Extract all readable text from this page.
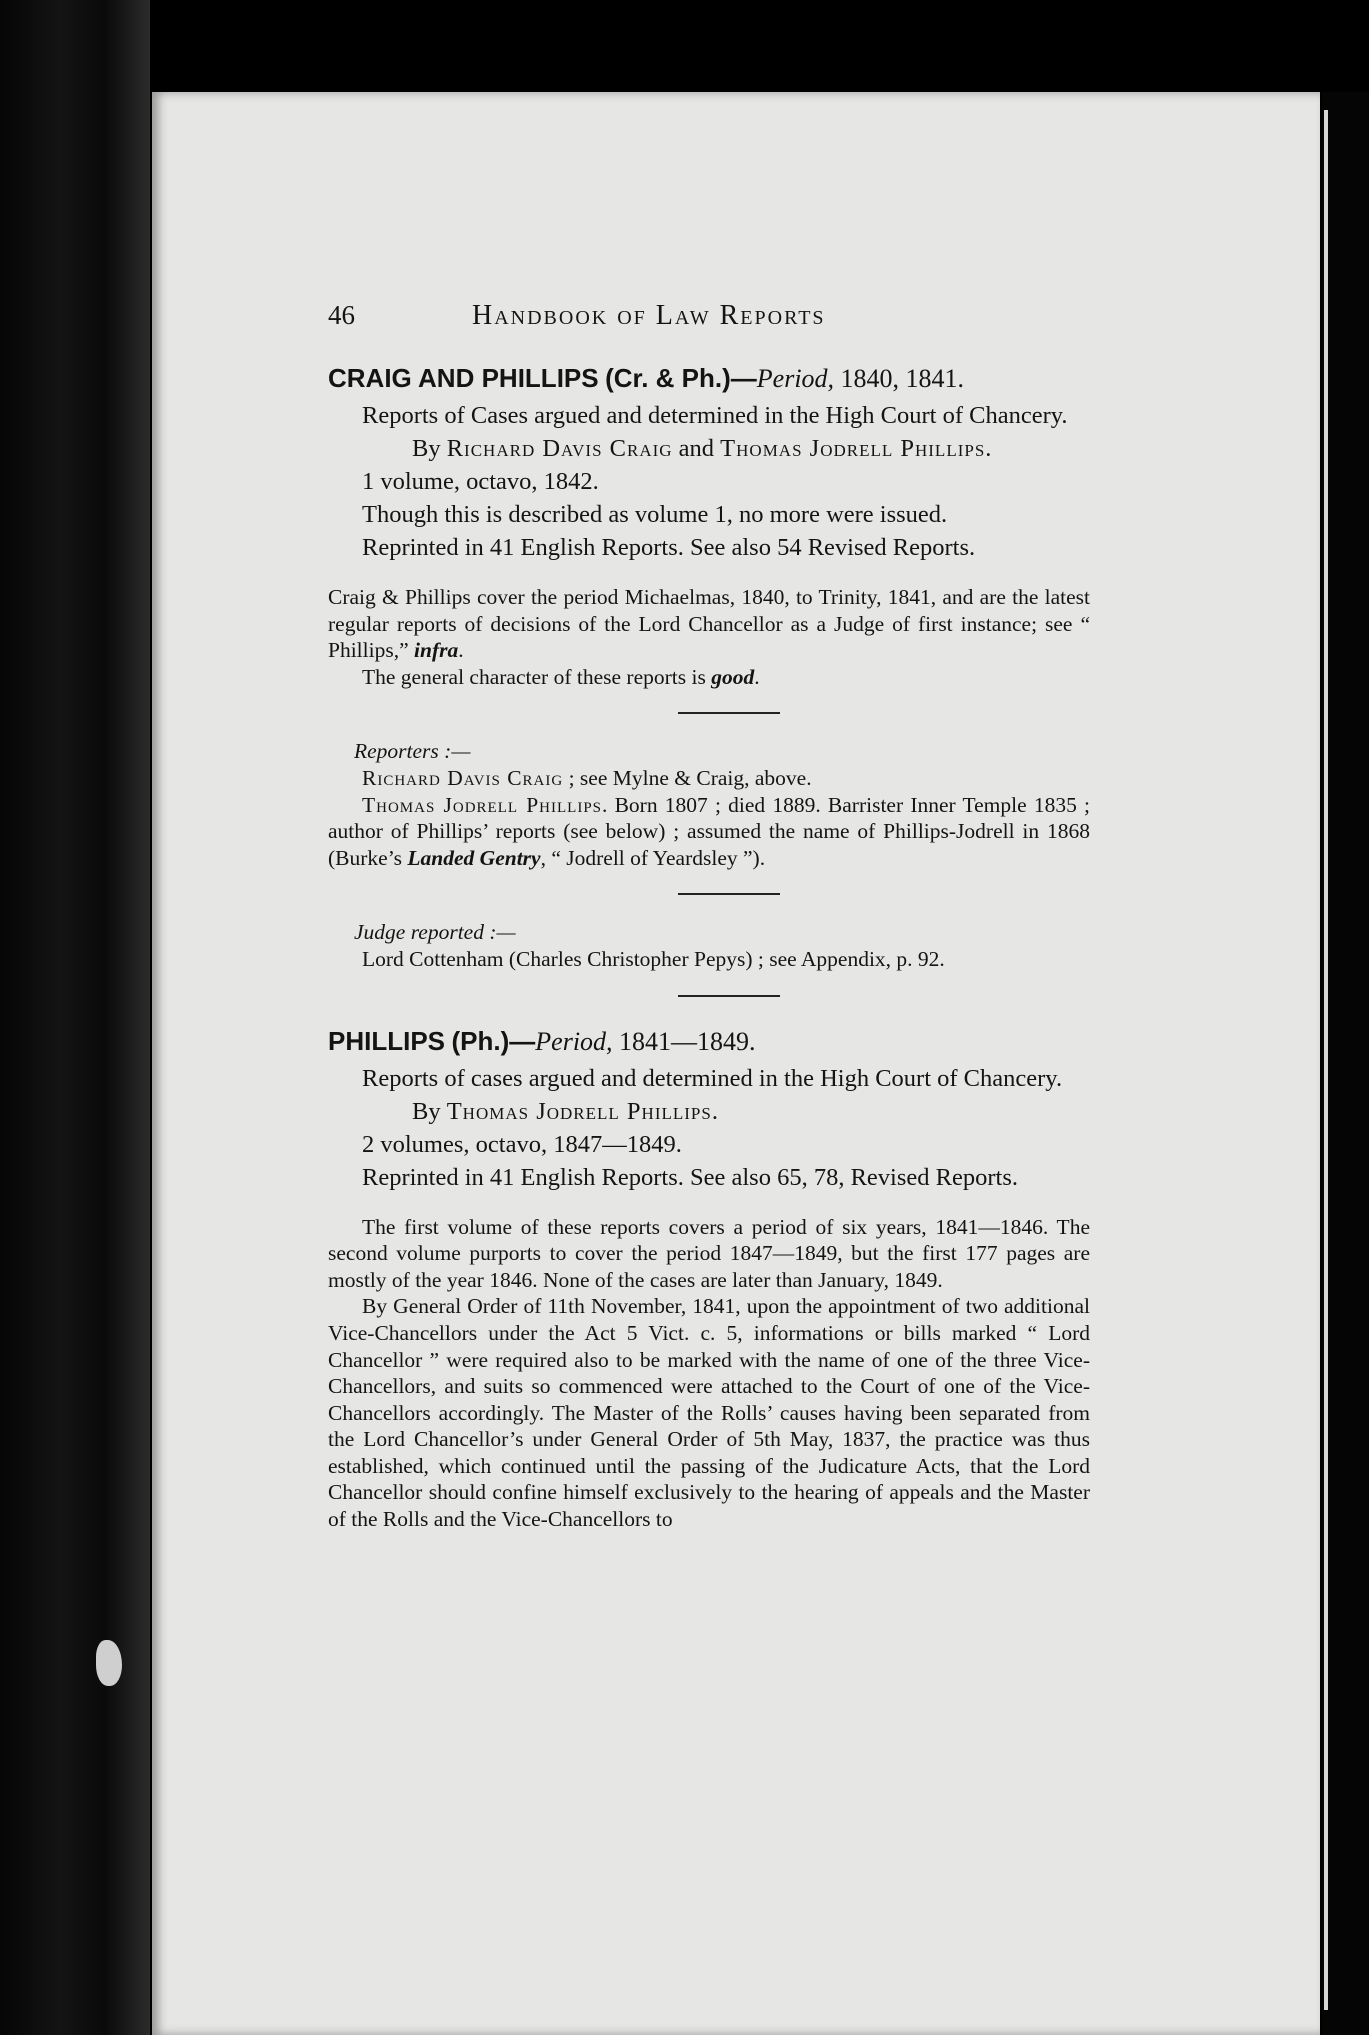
46	Handbook of Law Reports
CRAIG AND PHILLIPS (Cr. & Ph.)—Period, 1840, 1841.
Reports of Cases argued and determined in the High Court of Chancery. By Richard Davis Craig and Thomas Jodrell Phillips.
1 volume, octavo, 1842.
Though this is described as volume 1, no more were issued.
Reprinted in 41 English Reports. See also 54 Revised Reports.
Craig & Phillips cover the period Michaelmas, 1840, to Trinity, 1841, and are the latest regular reports of decisions of the Lord Chancellor as a Judge of first instance; see “ Phillips,” infra.
The general character of these reports is good.
Reporters :—
Richard Davis Craig ; see Mylne & Craig, above.
Thomas Jodrell Phillips. Born 1807 ; died 1889. Barrister Inner Temple 1835 ; author of Phillips’ reports (see below) ; assumed the name of Phillips-Jodrell in 1868 (Burke’s Landed Gentry, “ Jodrell of Yeardsley ”).
Judge reported :—
Lord Cottenham (Charles Christopher Pepys) ; see Appendix, p. 92.
PHILLIPS (Ph.)—Period, 1841—1849.
Reports of cases argued and determined in the High Court of Chancery. By Thomas Jodrell Phillips.
2 volumes, octavo, 1847—1849.
Reprinted in 41 English Reports. See also 65, 78, Revised Reports.
The first volume of these reports covers a period of six years, 1841—1846. The second volume purports to cover the period 1847—1849, but the first 177 pages are mostly of the year 1846. None of the cases are later than January, 1849.
By General Order of 11th November, 1841, upon the appointment of two additional Vice-Chancellors under the Act 5 Vict. c. 5, informations or bills marked “ Lord Chancellor ” were required also to be marked with the name of one of the three Vice-Chancellors, and suits so commenced were attached to the Court of one of the Vice-Chancellors accordingly. The Master of the Rolls’ causes having been separated from the Lord Chancellor’s under General Order of 5th May, 1837, the practice was thus established, which continued until the passing of the Judicature Acts, that the Lord Chancellor should confine himself exclusively to the hearing of appeals and the Master of the Rolls and the Vice-Chancellors to
